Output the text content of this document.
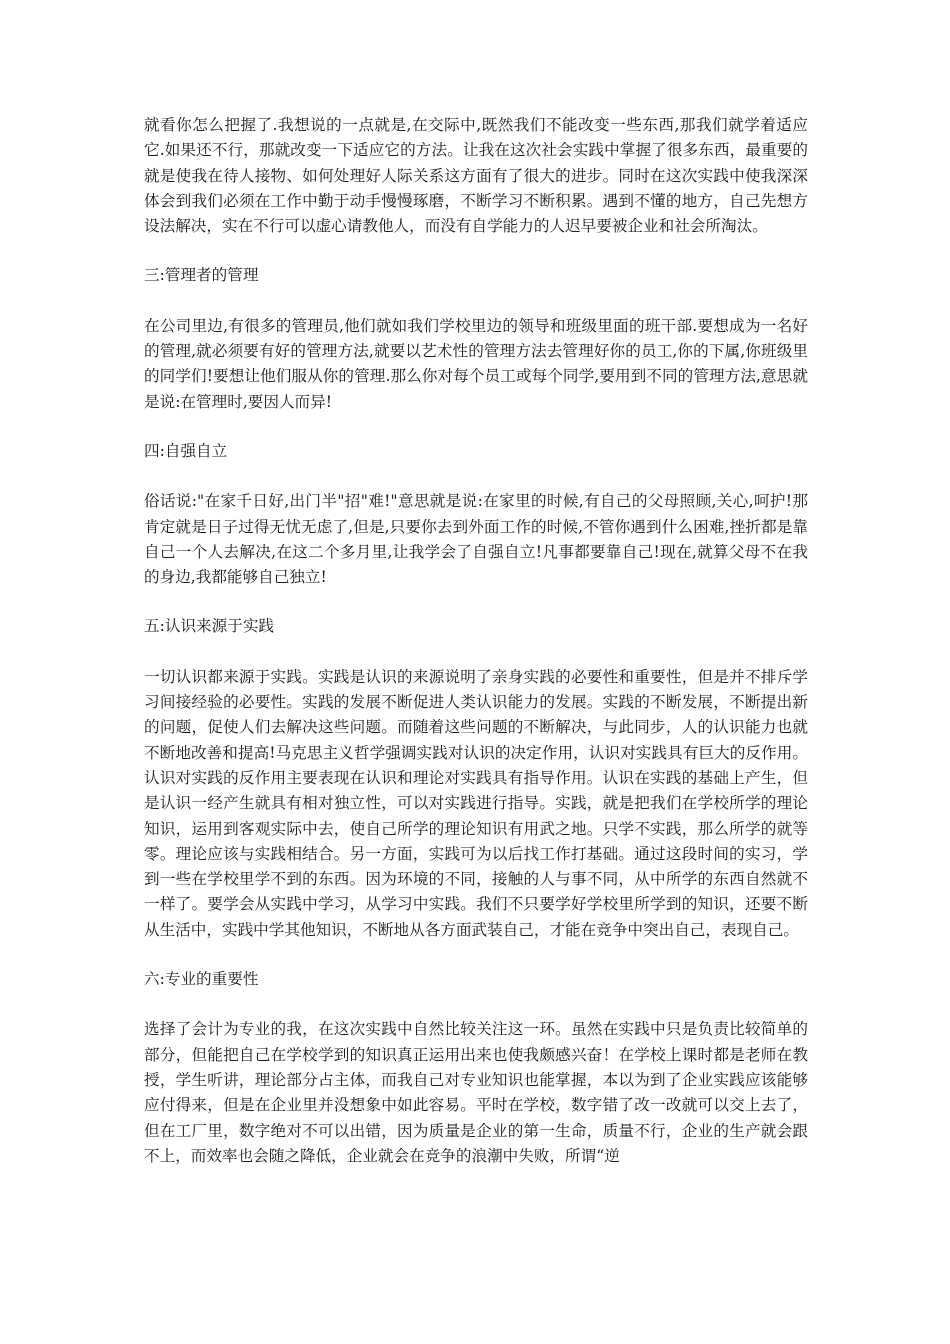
就看你怎么把握了.我想说的一点就是,在交际中,既然我们不能改变一些东西,那我们就学着适应它.如果还不行，那就改变一下适应它的方法。让我在这次社会实践中掌握了很多东西，最重要的就是使我在待人接物、如何处理好人际关系这方面有了很大的进步。同时在这次实践中使我深深体会到我们必须在工作中勤于动手慢慢琢磨，不断学习不断积累。遇到不懂的地方，自己先想方设法解决，实在不行可以虚心请教他人，而没有自学能力的人迟早要被企业和社会所淘汰。

三:管理者的管理

在公司里边,有很多的管理员,他们就如我们学校里边的领导和班级里面的班干部.要想成为一名好的管理,就必须要有好的管理方法,就要以艺术性的管理方法去管理好你的员工,你的下属,你班级里的同学们!要想让他们服从你的管理.那么你对每个员工或每个同学,要用到不同的管理方法,意思就是说:在管理时,要因人而异!

四:自强自立

俗话说:"在家千日好,出门半"招"难!"意思就是说:在家里的时候,有自己的父母照顾,关心,呵护!那肯定就是日子过得无忧无虑了,但是,只要你去到外面工作的时候,不管你遇到什么困难,挫折都是靠自己一个人去解决,在这二个多月里,让我学会了自强自立!凡事都要靠自己!现在,就算父母不在我的身边,我都能够自己独立!

五:认识来源于实践

一切认识都来源于实践。实践是认识的来源说明了亲身实践的必要性和重要性，但是并不排斥学习间接经验的必要性。实践的发展不断促进人类认识能力的发展。实践的不断发展，不断提出新的问题，促使人们去解决这些问题。而随着这些问题的不断解决，与此同步，人的认识能力也就不断地改善和提高!马克思主义哲学强调实践对认识的决定作用，认识对实践具有巨大的反作用。认识对实践的反作用主要表现在认识和理论对实践具有指导作用。认识在实践的基础上产生，但是认识一经产生就具有相对独立性，可以对实践进行指导。实践，就是把我们在学校所学的理论知识，运用到客观实际中去，使自己所学的理论知识有用武之地。只学不实践，那么所学的就等零。理论应该与实践相结合。另一方面，实践可为以后找工作打基础。通过这段时间的实习，学到一些在学校里学不到的东西。因为环境的不同，接触的人与事不同，从中所学的东西自然就不一样了。要学会从实践中学习，从学习中实践。我们不只要学好学校里所学到的知识，还要不断从生活中，实践中学其他知识，不断地从各方面武装自己，才能在竞争中突出自己，表现自己。

六:专业的重要性

选择了会计为专业的我，在这次实践中自然比较关注这一环。虽然在实践中只是负责比较简单的部分，但能把自己在学校学到的知识真正运用出来也使我颇感兴奋！在学校上课时都是老师在教授，学生听讲，理论部分占主体，而我自己对专业知识也能掌握，本以为到了企业实践应该能够应付得来，但是在企业里并没想象中如此容易。平时在学校，数字错了改一改就可以交上去了，但在工厂里，数字绝对不可以出错，因为质量是企业的第一生命，质量不行，企业的生产就会跟不上，而效率也会随之降低，企业就会在竞争的浪潮中失败，所谓“逆
